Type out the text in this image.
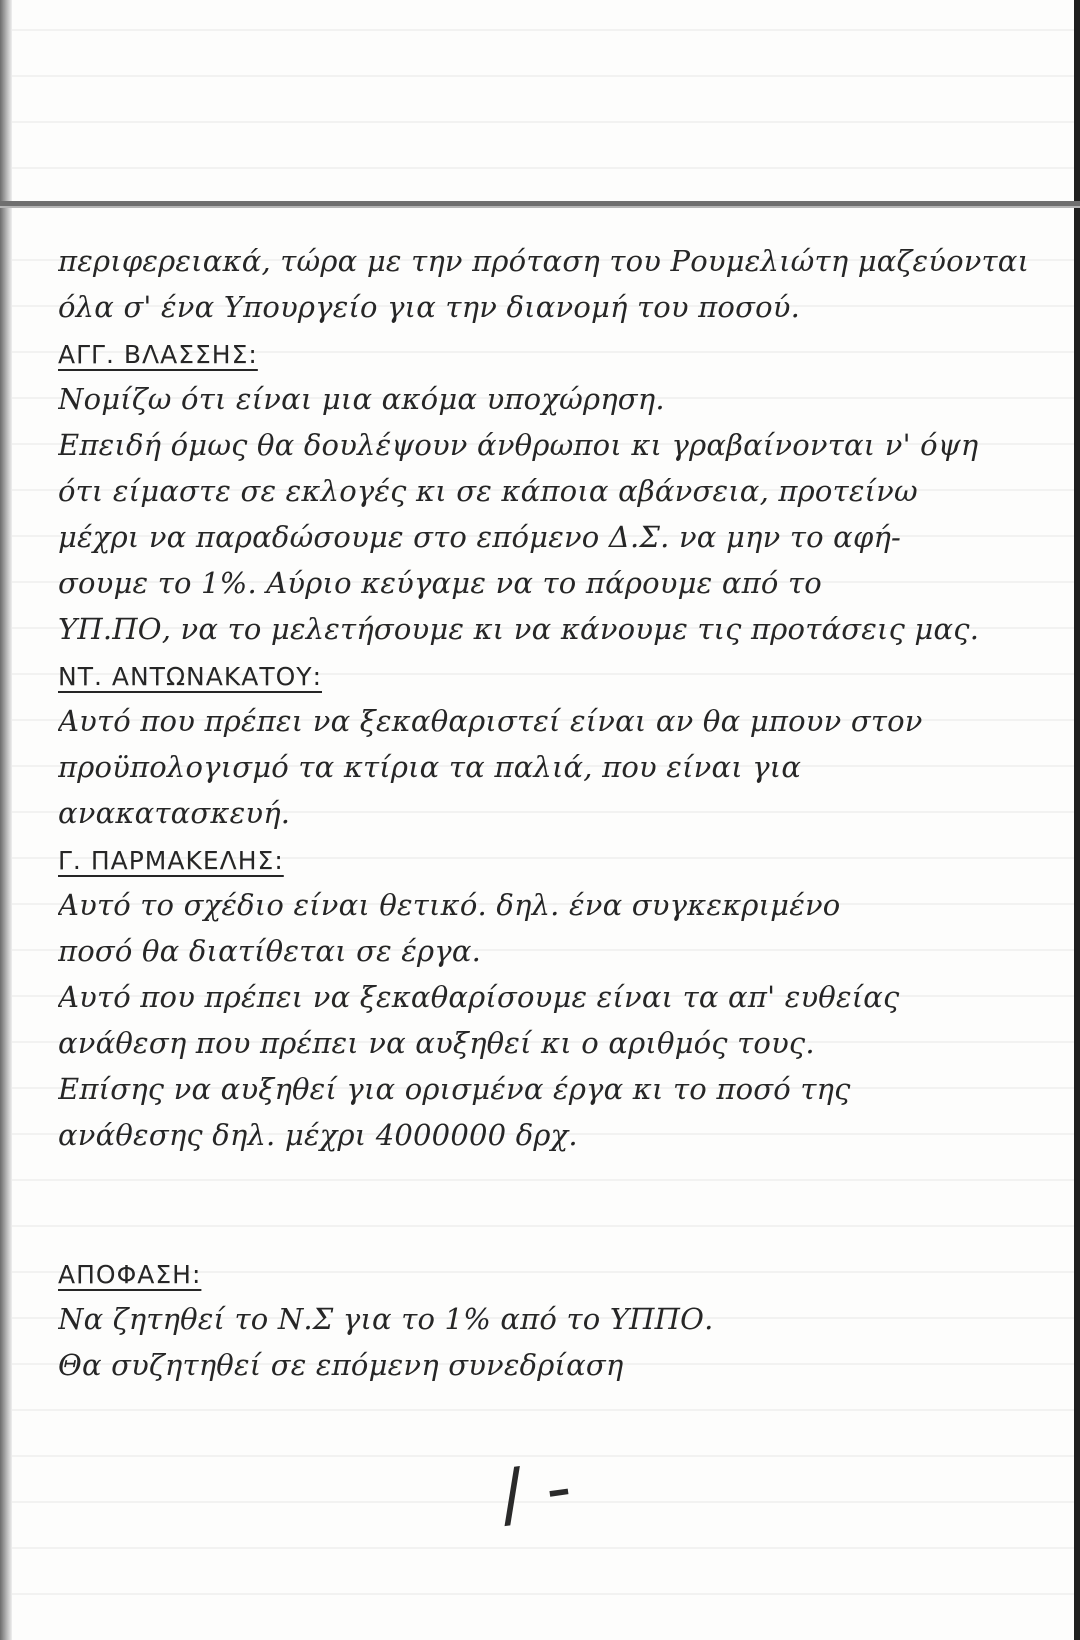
περιφερειακά, τώρα με την πρόταση του Ρουμελιώτη μαζεύονται
όλα σ' ένα Υπουργείο για την διανομή του ποσού.
ΑΓΓ. ΒΛΑΣΣΗΣ:
Νομίζω ότι είναι μια ακόμα υποχώρηση.
Επειδή όμως θα δουλέψουν άνθρωποι κι γραβαίνονται ν' όψη
ότι είμαστε σε εκλογές κι σε κάποια αβάνσεια, προτείνω
μέχρι να παραδώσουμε στο επόμενο Δ.Σ. να μην το αφή-
σουμε το 1%. Αύριο κεύγαμε να το πάρουμε από το
ΥΠ.ΠΟ, να το μελετήσουμε κι να κάνουμε τις προτάσεις μας.
ΝΤ. ΑΝΤΩΝΑΚΑΤΟΥ:
Αυτό που πρέπει να ξεκαθαριστεί είναι αν θα μπουν στον
προϋπολογισμό τα κτίρια τα παλιά, που είναι για
ανακατασκευή.
Γ. ΠΑΡΜΑΚΕΛΗΣ:
Αυτό το σχέδιο είναι θετικό. δηλ. ένα συγκεκριμένο
ποσό θα διατίθεται σε έργα.
Αυτό που πρέπει να ξεκαθαρίσουμε είναι τα απ' ευθείας
ανάθεση που πρέπει να αυξηθεί κι ο αριθμός τους.
Επίσης να αυξηθεί για ορισμένα έργα κι το ποσό της
ανάθεσης δηλ. μέχρι 4000000 δρχ.
ΑΠΟΦΑΣΗ:
Να ζητηθεί το Ν.Σ για το 1% από το ΥΠΠΟ.
Θα συζητηθεί σε επόμενη συνεδρίαση
/ -
